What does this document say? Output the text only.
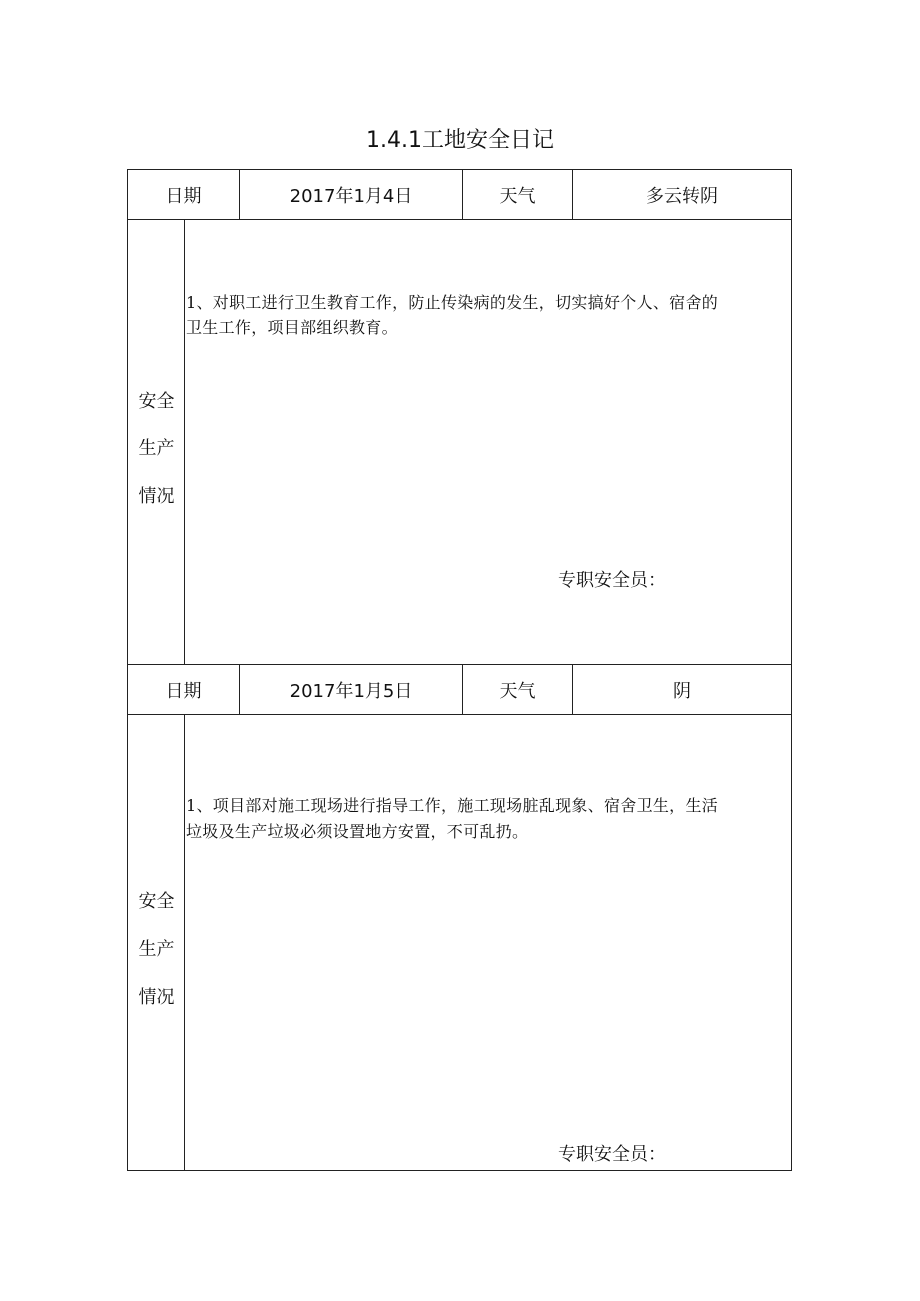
1.4.1工地安全日记
日期	2017年1月4日	天气	多云转阴
安全
生产
情况
1、对职工进行卫生教育工作，防止传染病的发生，切实搞好个人、宿舍的
卫生工作，项目部组织教育。
专职安全员：
日期	2017年1月5日	天气	阴
安全
生产
情况
1、项目部对施工现场进行指导工作，施工现场脏乱现象、宿舍卫生，生活
垃圾及生产垃圾必须设置地方安置，不可乱扔。
专职安全员：
